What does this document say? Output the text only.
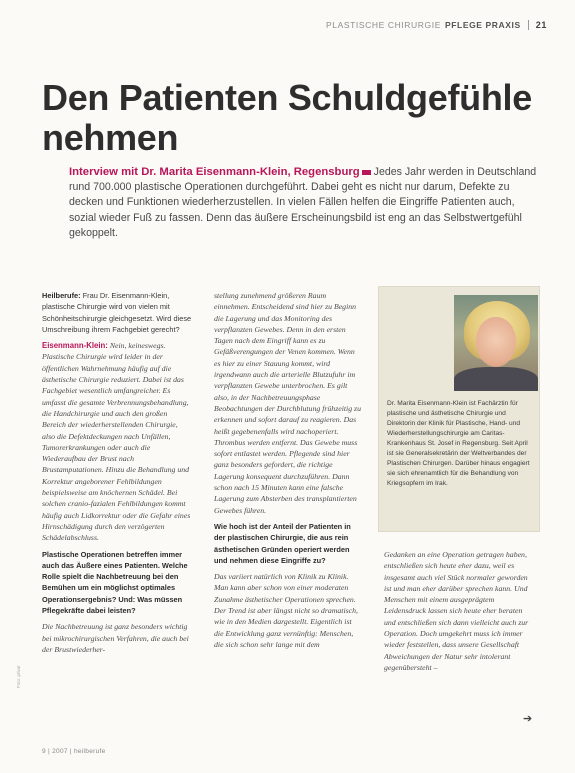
PLASTISCHE CHIRURGIE PFLEGE PRAXIS 21
Den Patienten Schuldgefühle nehmen
Interview mit Dr. Marita Eisenmann-Klein, Regensburg Jedes Jahr werden in Deutschland rund 700.000 plastische Operationen durchgeführt. Dabei geht es nicht nur darum, Defekte zu decken und Funktionen wiederherzustellen. In vielen Fällen helfen die Eingriffe Patienten auch, sozial wieder Fuß zu fassen. Denn das äußere Erscheinungsbild ist eng an das Selbstwertgefühl gekoppelt.

Heilberufe: Frau Dr. Eisenmann-Klein, plastische Chirurgie wird von vielen mit Schönheitschirurgie gleichgesetzt. Wird diese Umschreibung ihrem Fachgebiet gerecht?

Eisenmann-Klein: Nein, keineswegs. Plastische Chirurgie wird leider in der öffentlichen Wahrnehmung häufig auf die ästhetische Chirurgie reduziert. Dabei ist das Fachgebiet wesentlich umfangreicher. Es umfasst die gesamte Verbrennungsbehandlung, die Handchirurgie und auch den großen Bereich der wiederherstellenden Chirurgie, also die Defektdeckungen nach Unfällen, Tumorerkrankungen oder auch die Wiederaufbau der Brust nach Brustamputationen. Hinzu die Behandlung und Korrektur angeborener Fehlbildungen beispielsweise am knöchernen Schädel. Bei solchen cranio-fazialen Fehlbildungen kommt häufig auch Lidkorrektur oder die Gefahr eines Hirnschädigung durch den verzögerten Schädelabschluss.

Plastische Operationen betreffen immer auch das Äußere eines Patienten. Welche Rolle spielt die Nachbetreuung bei den Bemühen um ein möglichst optimales Operationsergebnis? Und: Was müssen Pflegekräfte dabei leisten?

Die Nachbetreuung ist ganz besonders wichtig bei mikrochirurgischen Verfahren, die auch bei der Brustwiederher-

stellung zunehmend größeren Raum einnehmen. Entscheidend sind hier zu Beginn die Lagerung und das Monitoring des verpflanzten Gewebes. Denn in den ersten Tagen nach dem Eingriff kann es zu Gefäßverengungen der Venen kommen. Wenn es hier zu einer Stauung kommt, wird irgendwann auch die arterielle Blutzufuhr im verpflanzten Gewebe unterbrochen. Es gilt also, in der Nachbetreuungsphase Beobachtungen der Durchblutung frühzeitig zu erkennen und sofort darauf zu reagieren. Das heißt gegebenenfalls wird nachoperiert. Thrombus werden entfernt. Das Gewebe muss sofort entlastet werden. Pflegende sind hier ganz besonders gefordert, die richtige Lagerung konsequent durchzuführen. Dann schon nach 15 Minuten kann eine falsche Lagerung zum Absterben des transplantierten Gewebes führen.

Wie hoch ist der Anteil der Patienten in der plastischen Chirurgie, die aus rein ästhetischen Gründen operiert werden und nehmen diese Eingriffe zu?

Das variiert natürlich von Klinik zu Klinik. Man kann aber schon von einer moderaten Zunahme ästhetischer Operationen sprechen. Der Trend ist aber längst nicht so dramatisch, wie in den Medien dargestellt. Eigentlich ist die Entwicklung ganz vernünftig: Menschen, die sich schon sehr lange mit dem

Dr. Marita Eisenmann-Klein ist Fachärztin für plastische und ästhetische Chirurgie und Direktorin der Klinik für Plastische, Hand- und Wiederherstellungschirurgie am Caritas-Krankenhaus St. Josef in Regensburg. Seit April ist sie Generalsekretärin der Weltverbandes der Plastischen Chirurgen. Darüber hinaus engagiert sie sich ehrenamtlich für die Behandlung von Kriegsopfern im Irak.

Gedanken an eine Operation getragen haben, entschließen sich heute eher dazu, weil es insgesamt auch viel Stück normaler geworden ist und man eher darüber sprechen kann. Und Menschen mit einem ausgeprägtem Leidensdruck lassen sich heute eher beraten und entschließen sich dann vielleicht auch zur Operation. Doch umgekehrt muss ich immer wieder feststellen, dass unsere Gesellschaft Abweichungen der Natur sehr intolerant gegenübersteht –

➔
9 | 2007 | heilberufe
Foto: privat
